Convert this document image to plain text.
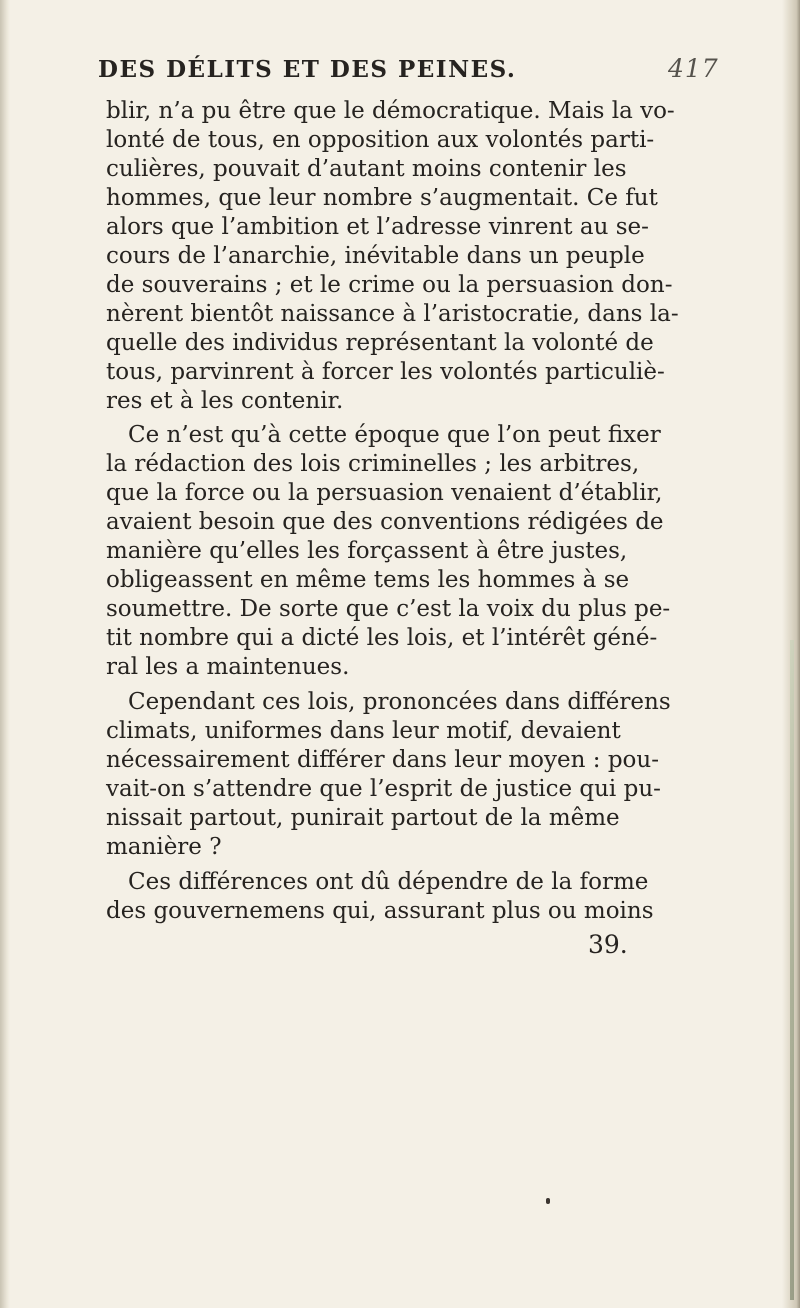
DES DÉLITS ET DES PEINES.	417
blir, n’a pu être que le démocratique. Mais la vo-
lonté de tous, en opposition aux volontés parti-
culières, pouvait d’autant moins contenir les
hommes, que leur nombre s’augmentait. Ce fut
alors que l’ambition et l’adresse vinrent au se-
cours de l’anarchie, inévitable dans un peuple
de souverains ; et le crime ou la persuasion don-
nèrent bientôt naissance à l’aristocratie, dans la-
quelle des individus représentant la volonté de
tous, parvinrent à forcer les volontés particuliè-
res et à les contenir.
Ce n’est qu’à cette époque que l’on peut fixer
la rédaction des lois criminelles ; les arbitres,
que la force ou la persuasion venaient d’établir,
avaient besoin que des conventions rédigées de
manière qu’elles les forçassent à être justes,
obligeassent en même tems les hommes à se
soumettre. De sorte que c’est la voix du plus pe-
tit nombre qui a dicté les lois, et l’intérêt géné-
ral les a maintenues.
Cependant ces lois, prononcées dans différens
climats, uniformes dans leur motif, devaient
nécessairement différer dans leur moyen : pou-
vait-on s’attendre que l’esprit de justice qui pu-
nissait partout, punirait partout de la même
manière ?
Ces différences ont dû dépendre de la forme
des gouvernemens qui, assurant plus ou moins
39.
